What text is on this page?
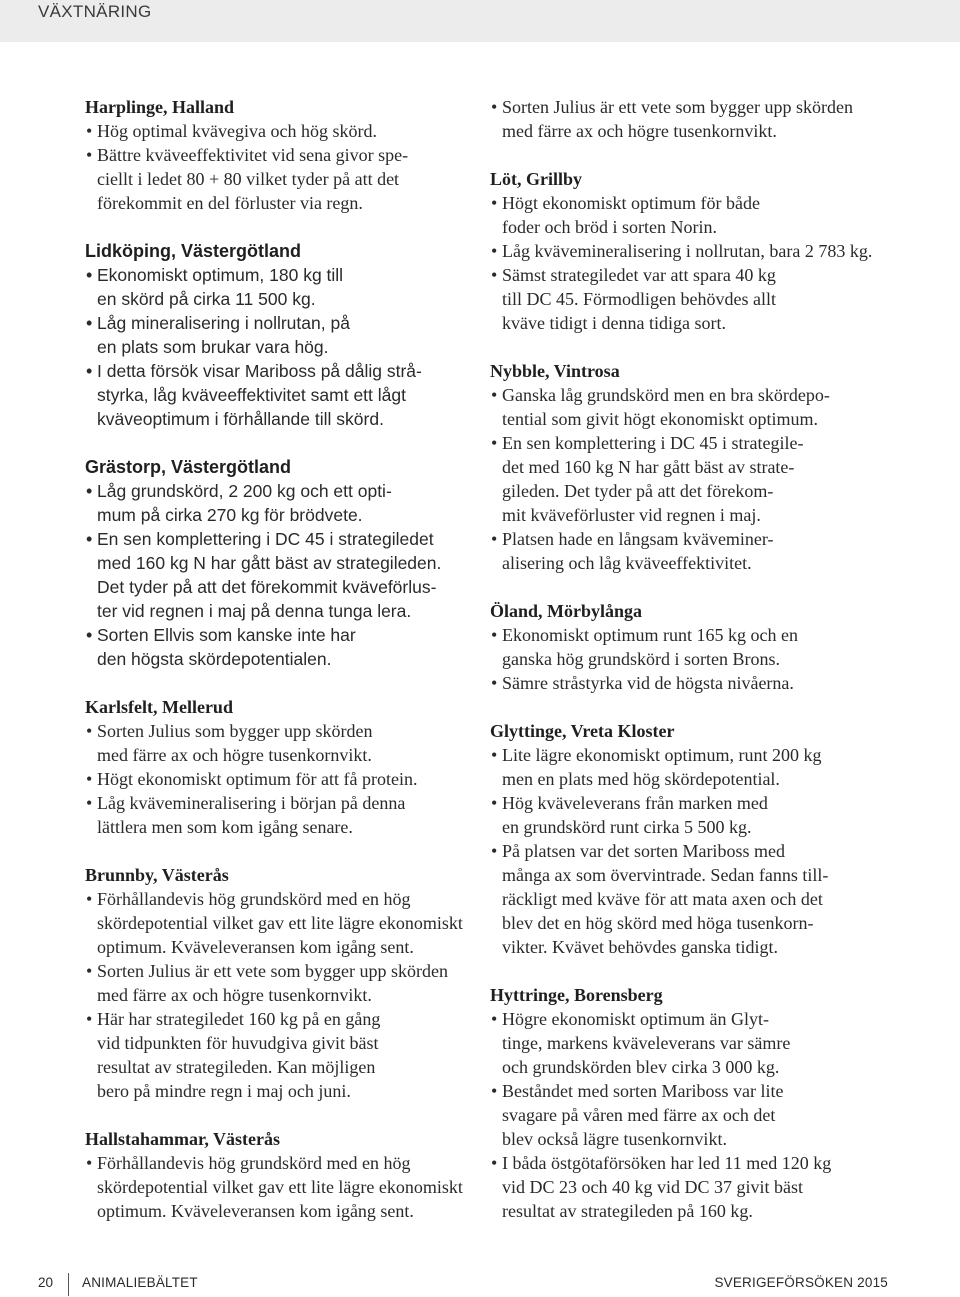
VÄXTNÄRING
Harplinge, Halland
•
Hög optimal kvävegiva och hög skörd.
•
Bättre kväveeffektivitet vid sena givor spe-
ciellt i ledet 80 + 80 vilket tyder på att det
förekommit en del förluster via regn.
Lidköping, Västergötland
•
Ekonomiskt optimum, 180 kg till
en skörd på cirka 11 500 kg.
•
Låg mineralisering i nollrutan, på
en plats som brukar vara hög.
•
I detta försök visar Mariboss på dålig strå-
styrka, låg kväveeffektivitet samt ett lågt
kväveoptimum i förhållande till skörd.
Grästorp, Västergötland
•
Låg grundskörd, 2 200 kg och ett opti-
mum på cirka 270 kg för brödvete.
•
En sen komplettering i DC 45 i strategiledet
med 160 kg N har gått bäst av strategileden.
Det tyder på att det förekommit kväveförlus-
ter vid regnen i maj på denna tunga lera.
•
Sorten Ellvis som kanske inte har
den högsta skördepotentialen.
Karlsfelt, Mellerud
•
Sorten Julius som bygger upp skörden
med färre ax och högre tusenkornvikt.
•
Högt ekonomiskt optimum för att få protein.
•
Låg kvävemineralisering i början på denna
lättlera men som kom igång senare.
Brunnby, Västerås
•
Förhållandevis hög grundskörd med en hög
skördepotential vilket gav ett lite lägre ekonomiskt
optimum. Kväveleveransen kom igång sent.
•
Sorten Julius är ett vete som bygger upp skörden
med färre ax och högre tusenkornvikt.
•
Här har strategiledet 160 kg på en gång
vid tidpunkten för huvudgiva givit bäst
resultat av strategileden. Kan möjligen
bero på mindre regn i maj och juni.
Hallstahammar, Västerås
•
Förhållandevis hög grundskörd med en hög
skördepotential vilket gav ett lite lägre ekonomiskt
optimum. Kväveleveransen kom igång sent.
•
Sorten Julius är ett vete som bygger upp skörden
med färre ax och högre tusenkornvikt.
Löt, Grillby
•
Högt ekonomiskt optimum för både
foder och bröd i sorten Norin.
•
Låg kvävemineralisering i nollrutan, bara 2 783 kg.
•
Sämst strategiledet var att spara 40 kg
till DC 45. Förmodligen behövdes allt
kväve tidigt i denna tidiga sort.
Nybble, Vintrosa
•
Ganska låg grundskörd men en bra skördepo-
tential som givit högt ekonomiskt optimum.
•
En sen komplettering i DC 45 i strategile-
det med 160 kg N har gått bäst av strate-
gileden. Det tyder på att det förekom-
mit kväveförluster vid regnen i maj.
•
Platsen hade en långsam kväveminer-
alisering och låg kväveeffektivitet.
Öland, Mörbylånga
•
Ekonomiskt optimum runt 165 kg och en
ganska hög grundskörd i sorten Brons.
•
Sämre stråstyrka vid de högsta nivåerna.
Glyttinge, Vreta Kloster
•
Lite lägre ekonomiskt optimum, runt 200 kg
men en plats med hög skördepotential.
•
Hög kväveleverans från marken med
en grundskörd runt cirka 5 500 kg.
•
På platsen var det sorten Mariboss med
många ax som övervintrade. Sedan fanns till-
räckligt med kväve för att mata axen och det
blev det en hög skörd med höga tusenkorn-
vikter. Kvävet behövdes ganska tidigt.
Hyttringe, Borensberg
•
Högre ekonomiskt optimum än Glyt-
tinge, markens kväveleverans var sämre
och grundskörden blev cirka 3 000 kg.
•
Beståndet med sorten Mariboss var lite
svagare på våren med färre ax och det
blev också lägre tusenkornvikt.
•
I båda östgötaförsöken har led 11 med 120 kg
vid DC 23 och 40 kg vid DC 37 givit bäst
resultat av strategileden på 160 kg.
20 ANIMALIEBÄLTET	SVERIGEFÖRSÖKEN 2015
